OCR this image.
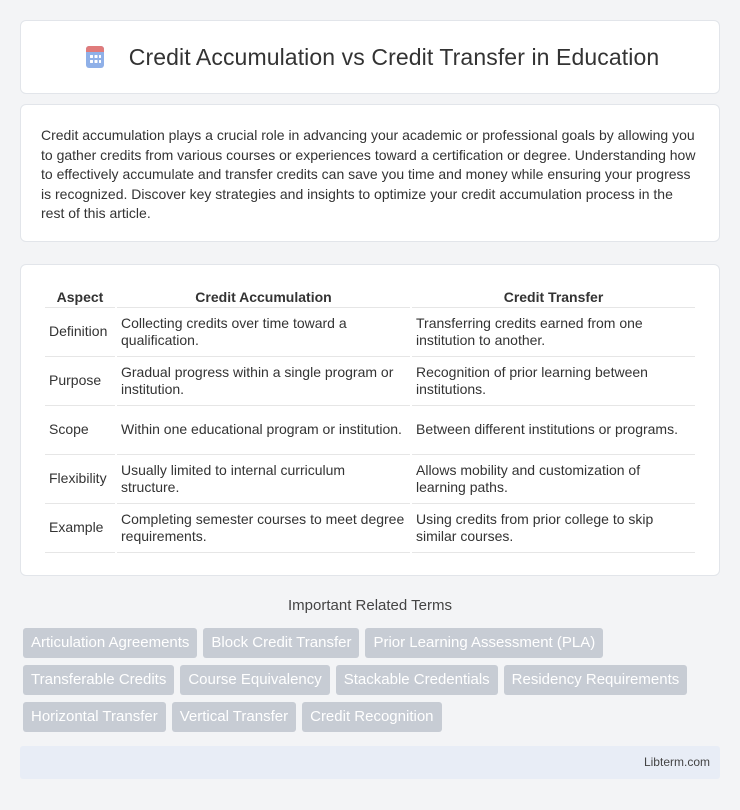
Credit Accumulation vs Credit Transfer in Education

Credit accumulation plays a crucial role in advancing your academic or professional goals by allowing you to gather credits from various courses or experiences toward a certification or degree. Understanding how to effectively accumulate and transfer credits can save you time and money while ensuring your progress is recognized. Discover key strategies and insights to optimize your credit accumulation process in the rest of this article.

Aspect	Credit Accumulation	Credit Transfer
Definition	Collecting credits over time toward a qualification.	Transferring credits earned from one institution to another.
Purpose	Gradual progress within a single program or institution.	Recognition of prior learning between institutions.
Scope	Within one educational program or institution.	Between different institutions or programs.
Flexibility	Usually limited to internal curriculum structure.	Allows mobility and customization of learning paths.
Example	Completing semester courses to meet degree requirements.	Using credits from prior college to skip similar courses.
Important Related Terms
Articulation Agreements	Block Credit Transfer	Prior Learning Assessment (PLA)
Transferable Credits	Course Equivalency	Stackable Credentials	Residency Requirements
Horizontal Transfer	Vertical Transfer	Credit Recognition
Libterm.com
